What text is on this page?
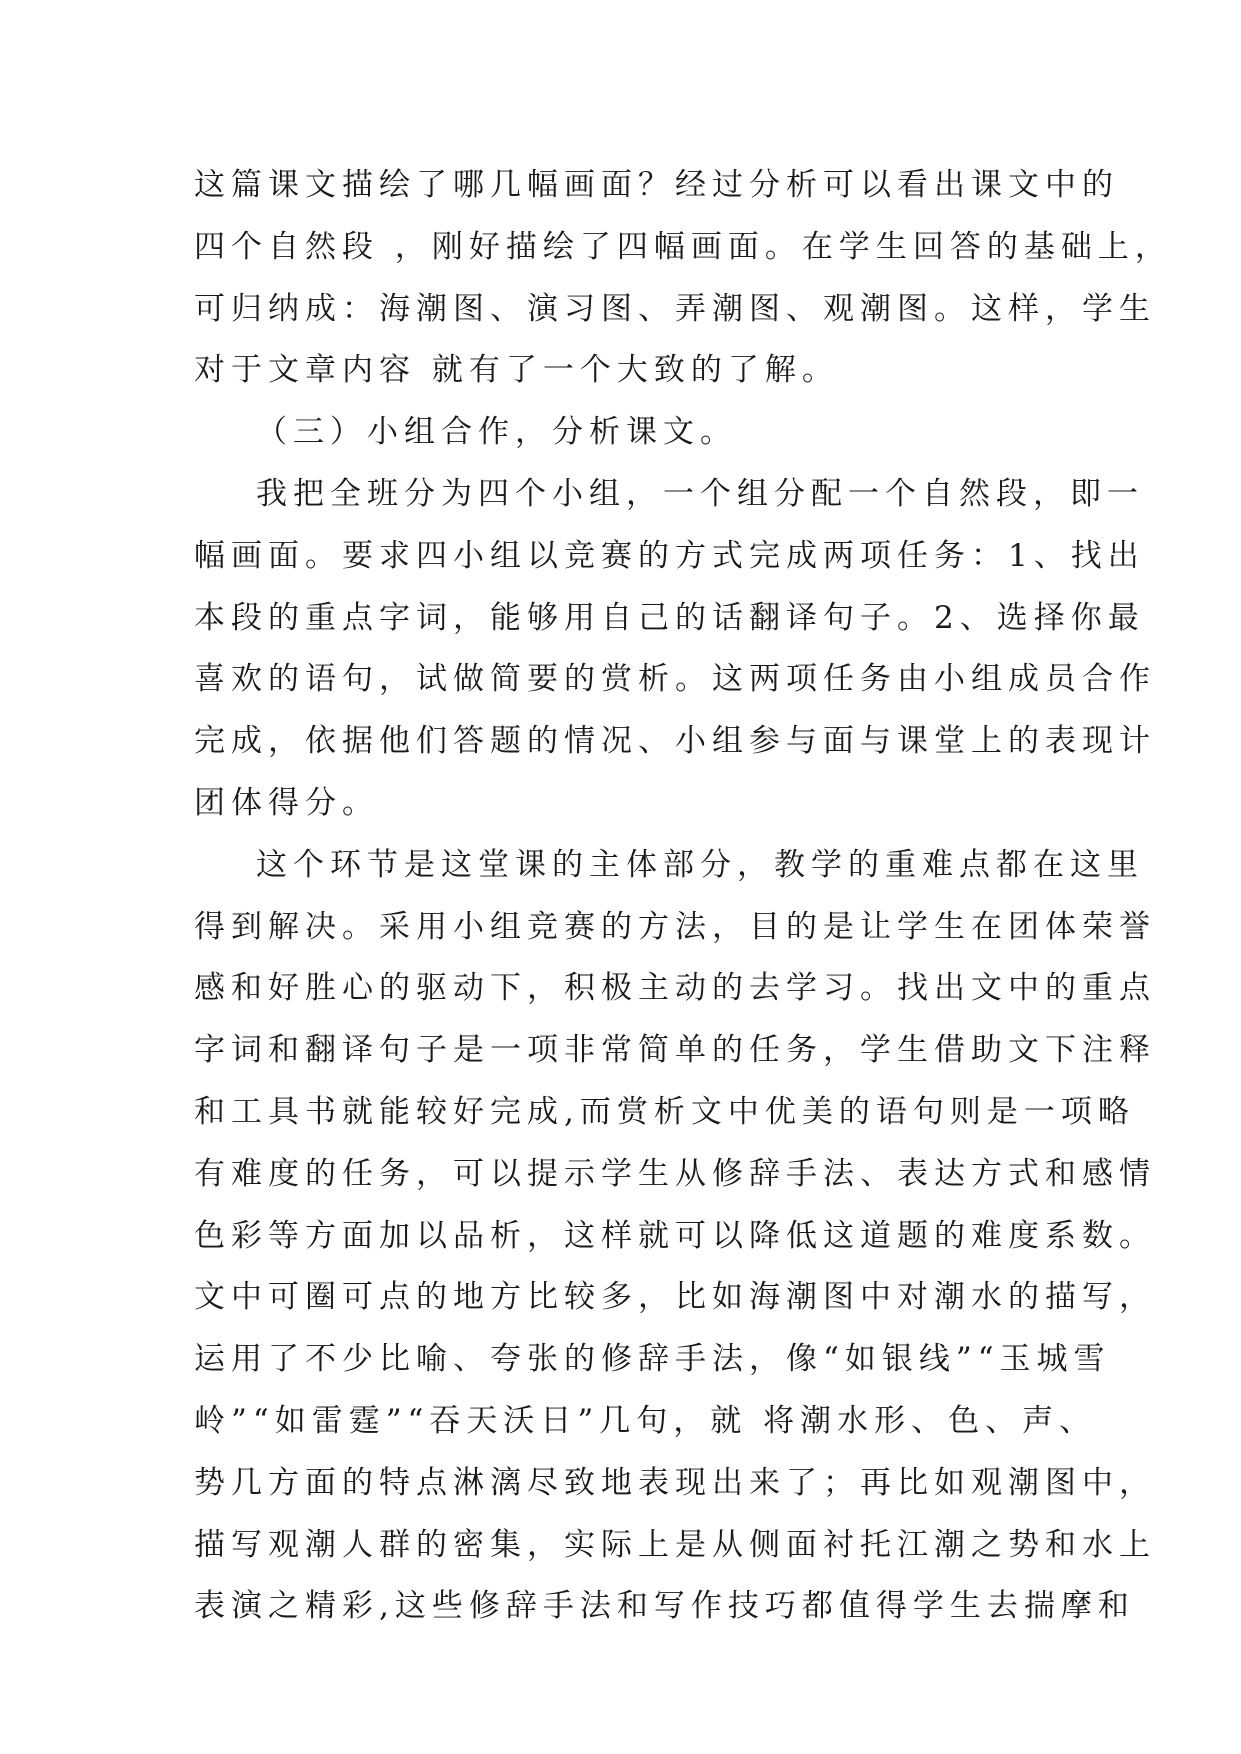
这篇课文描绘了哪几幅画面？经过分析可以看出课文中的
四个自然段 ，刚好描绘了四幅画面。在学生回答的基础上，
可归纳成：海潮图、演习图、弄潮图、观潮图。这样，学生
对于文章内容 就有了一个大致的了解。
（三）小组合作，分析课文。
我把全班分为四个小组，一个组分配一个自然段，即一
幅画面。要求四小组以竞赛的方式完成两项任务：1、找出
本段的重点字词，能够用自己的话翻译句子。2、选择你最
喜欢的语句，试做简要的赏析。这两项任务由小组成员合作
完成，依据他们答题的情况、小组参与面与课堂上的表现计
团体得分。
这个环节是这堂课的主体部分，教学的重难点都在这里
得到解决。采用小组竞赛的方法，目的是让学生在团体荣誉
感和好胜心的驱动下，积极主动的去学习。找出文中的重点
字词和翻译句子是一项非常简单的任务，学生借助文下注释
和工具书就能较好完成,而赏析文中优美的语句则是一项略
有难度的任务，可以提示学生从修辞手法、表达方式和感情
色彩等方面加以品析，这样就可以降低这道题的难度系数。
文中可圈可点的地方比较多，比如海潮图中对潮水的描写，
运用了不少比喻、夸张的修辞手法，像“如银线”“玉城雪
岭”“如雷霆”“吞天沃日”几句，就 将潮水形、色、声、
势几方面的特点淋漓尽致地表现出来了；再比如观潮图中，
描写观潮人群的密集，实际上是从侧面衬托江潮之势和水上
表演之精彩,这些修辞手法和写作技巧都值得学生去揣摩和
